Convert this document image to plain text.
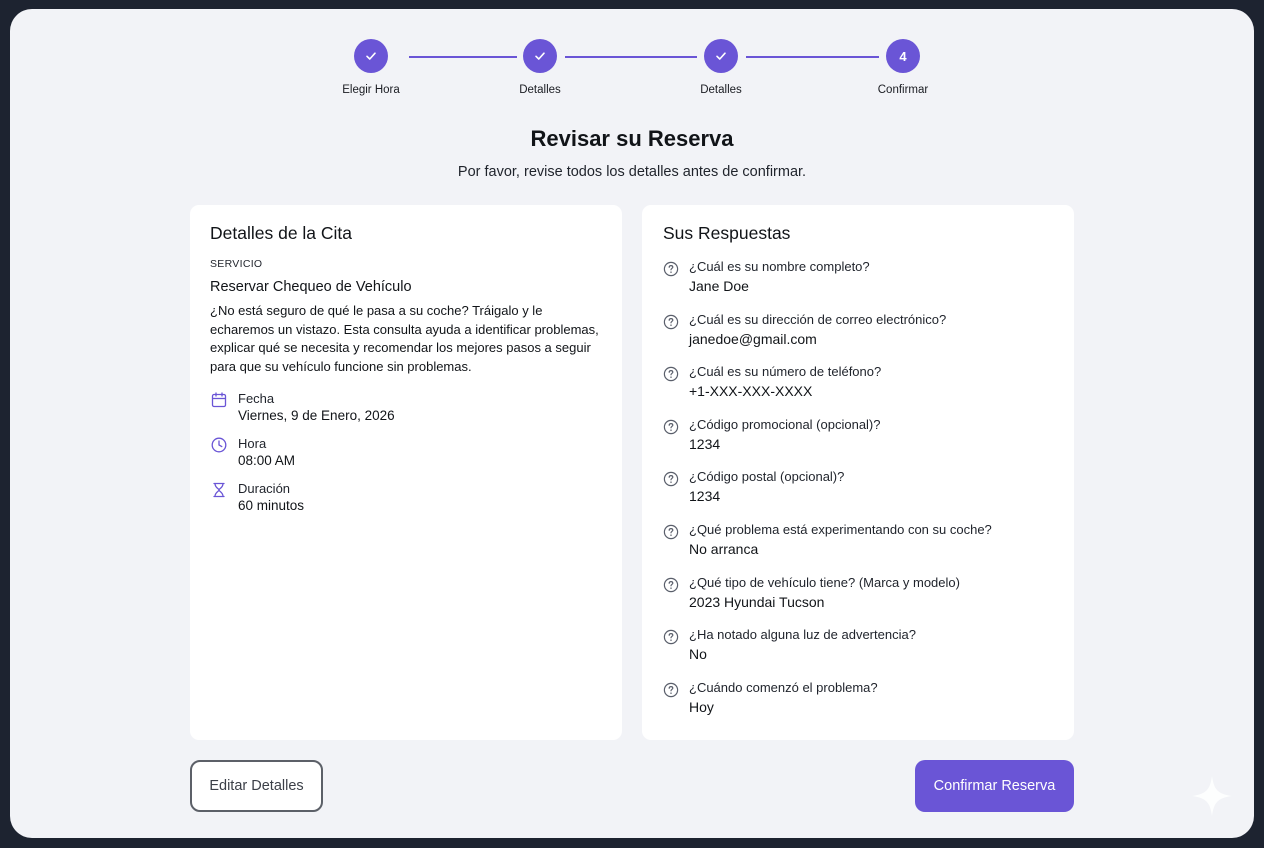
Elegir Hora	Detalles	Detalles
4
Confirmar
Revisar su Reserva

Por favor, revise todos los detalles antes de confirmar.

Detalles de la Cita
SERVICIO
Reservar Chequeo de Vehículo
¿No está seguro de qué le pasa a su coche? Tráigalo y le echaremos un vistazo. Esta consulta ayuda a identificar problemas, explicar qué se necesita y recomendar los mejores pasos a seguir para que su vehículo funcione sin problemas.
Fecha
Viernes, 9 de Enero, 2026
Hora
08:00 AM
Duración
60 minutos
Sus Respuestas
¿Cuál es su nombre completo?
Jane Doe
¿Cuál es su dirección de correo electrónico?
janedoe@gmail.com
¿Cuál es su número de teléfono?
+1-XXX-XXX-XXXX
¿Código promocional (opcional)?
1234
¿Código postal (opcional)?
1234
¿Qué problema está experimentando con su coche?
No arranca
¿Qué tipo de vehículo tiene? (Marca y modelo)
2023 Hyundai Tucson
¿Ha notado alguna luz de advertencia?
No
¿Cuándo comenzó el problema?
Hoy
Editar Detalles	Confirmar Reserva
